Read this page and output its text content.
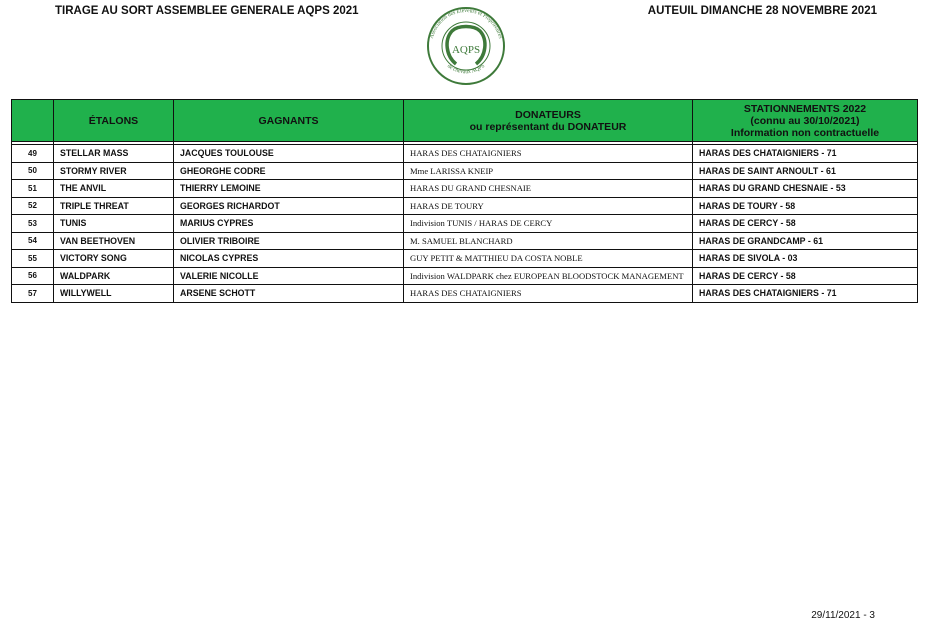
TIRAGE AU SORT ASSEMBLEE GENERALE AQPS 2021	AUTEUIL DIMANCHE 28 NOVEMBRE 2021
Association des Eleveurs et Propriétaires
de chevaux AQPS
AQPS
	ÉTALONS	GAGNANTS	DONATEURS
ou représentant du DONATEUR	STATIONNEMENTS 2022
(connu au 30/10/2021)
Information non contractuelle

49	STELLAR MASS	JACQUES TOULOUSE	HARAS DES CHATAIGNIERS	HARAS DES CHATAIGNIERS - 71
50	STORMY RIVER	GHEORGHE CODRE	Mme LARISSA KNEIP	HARAS DE SAINT ARNOULT - 61
51	THE ANVIL	THIERRY LEMOINE	HARAS DU GRAND CHESNAIE	HARAS DU GRAND CHESNAIE - 53
52	TRIPLE THREAT	GEORGES RICHARDOT	HARAS DE TOURY	HARAS DE TOURY - 58
53	TUNIS	MARIUS CYPRES	Indivision TUNIS / HARAS DE CERCY	HARAS DE CERCY - 58
54	VAN BEETHOVEN	OLIVIER TRIBOIRE	M. SAMUEL BLANCHARD	HARAS DE GRANDCAMP - 61
55	VICTORY SONG	NICOLAS CYPRES	GUY PETIT & MATTHIEU DA COSTA NOBLE	HARAS DE SIVOLA - 03
56	WALDPARK	VALERIE NICOLLE	Indivision WALDPARK chez EUROPEAN BLOODSTOCK MANAGEMENT	HARAS DE CERCY - 58
57	WILLYWELL	ARSENE SCHOTT	HARAS DES CHATAIGNIERS	HARAS DES CHATAIGNIERS - 71
29/11/2021 - 3
